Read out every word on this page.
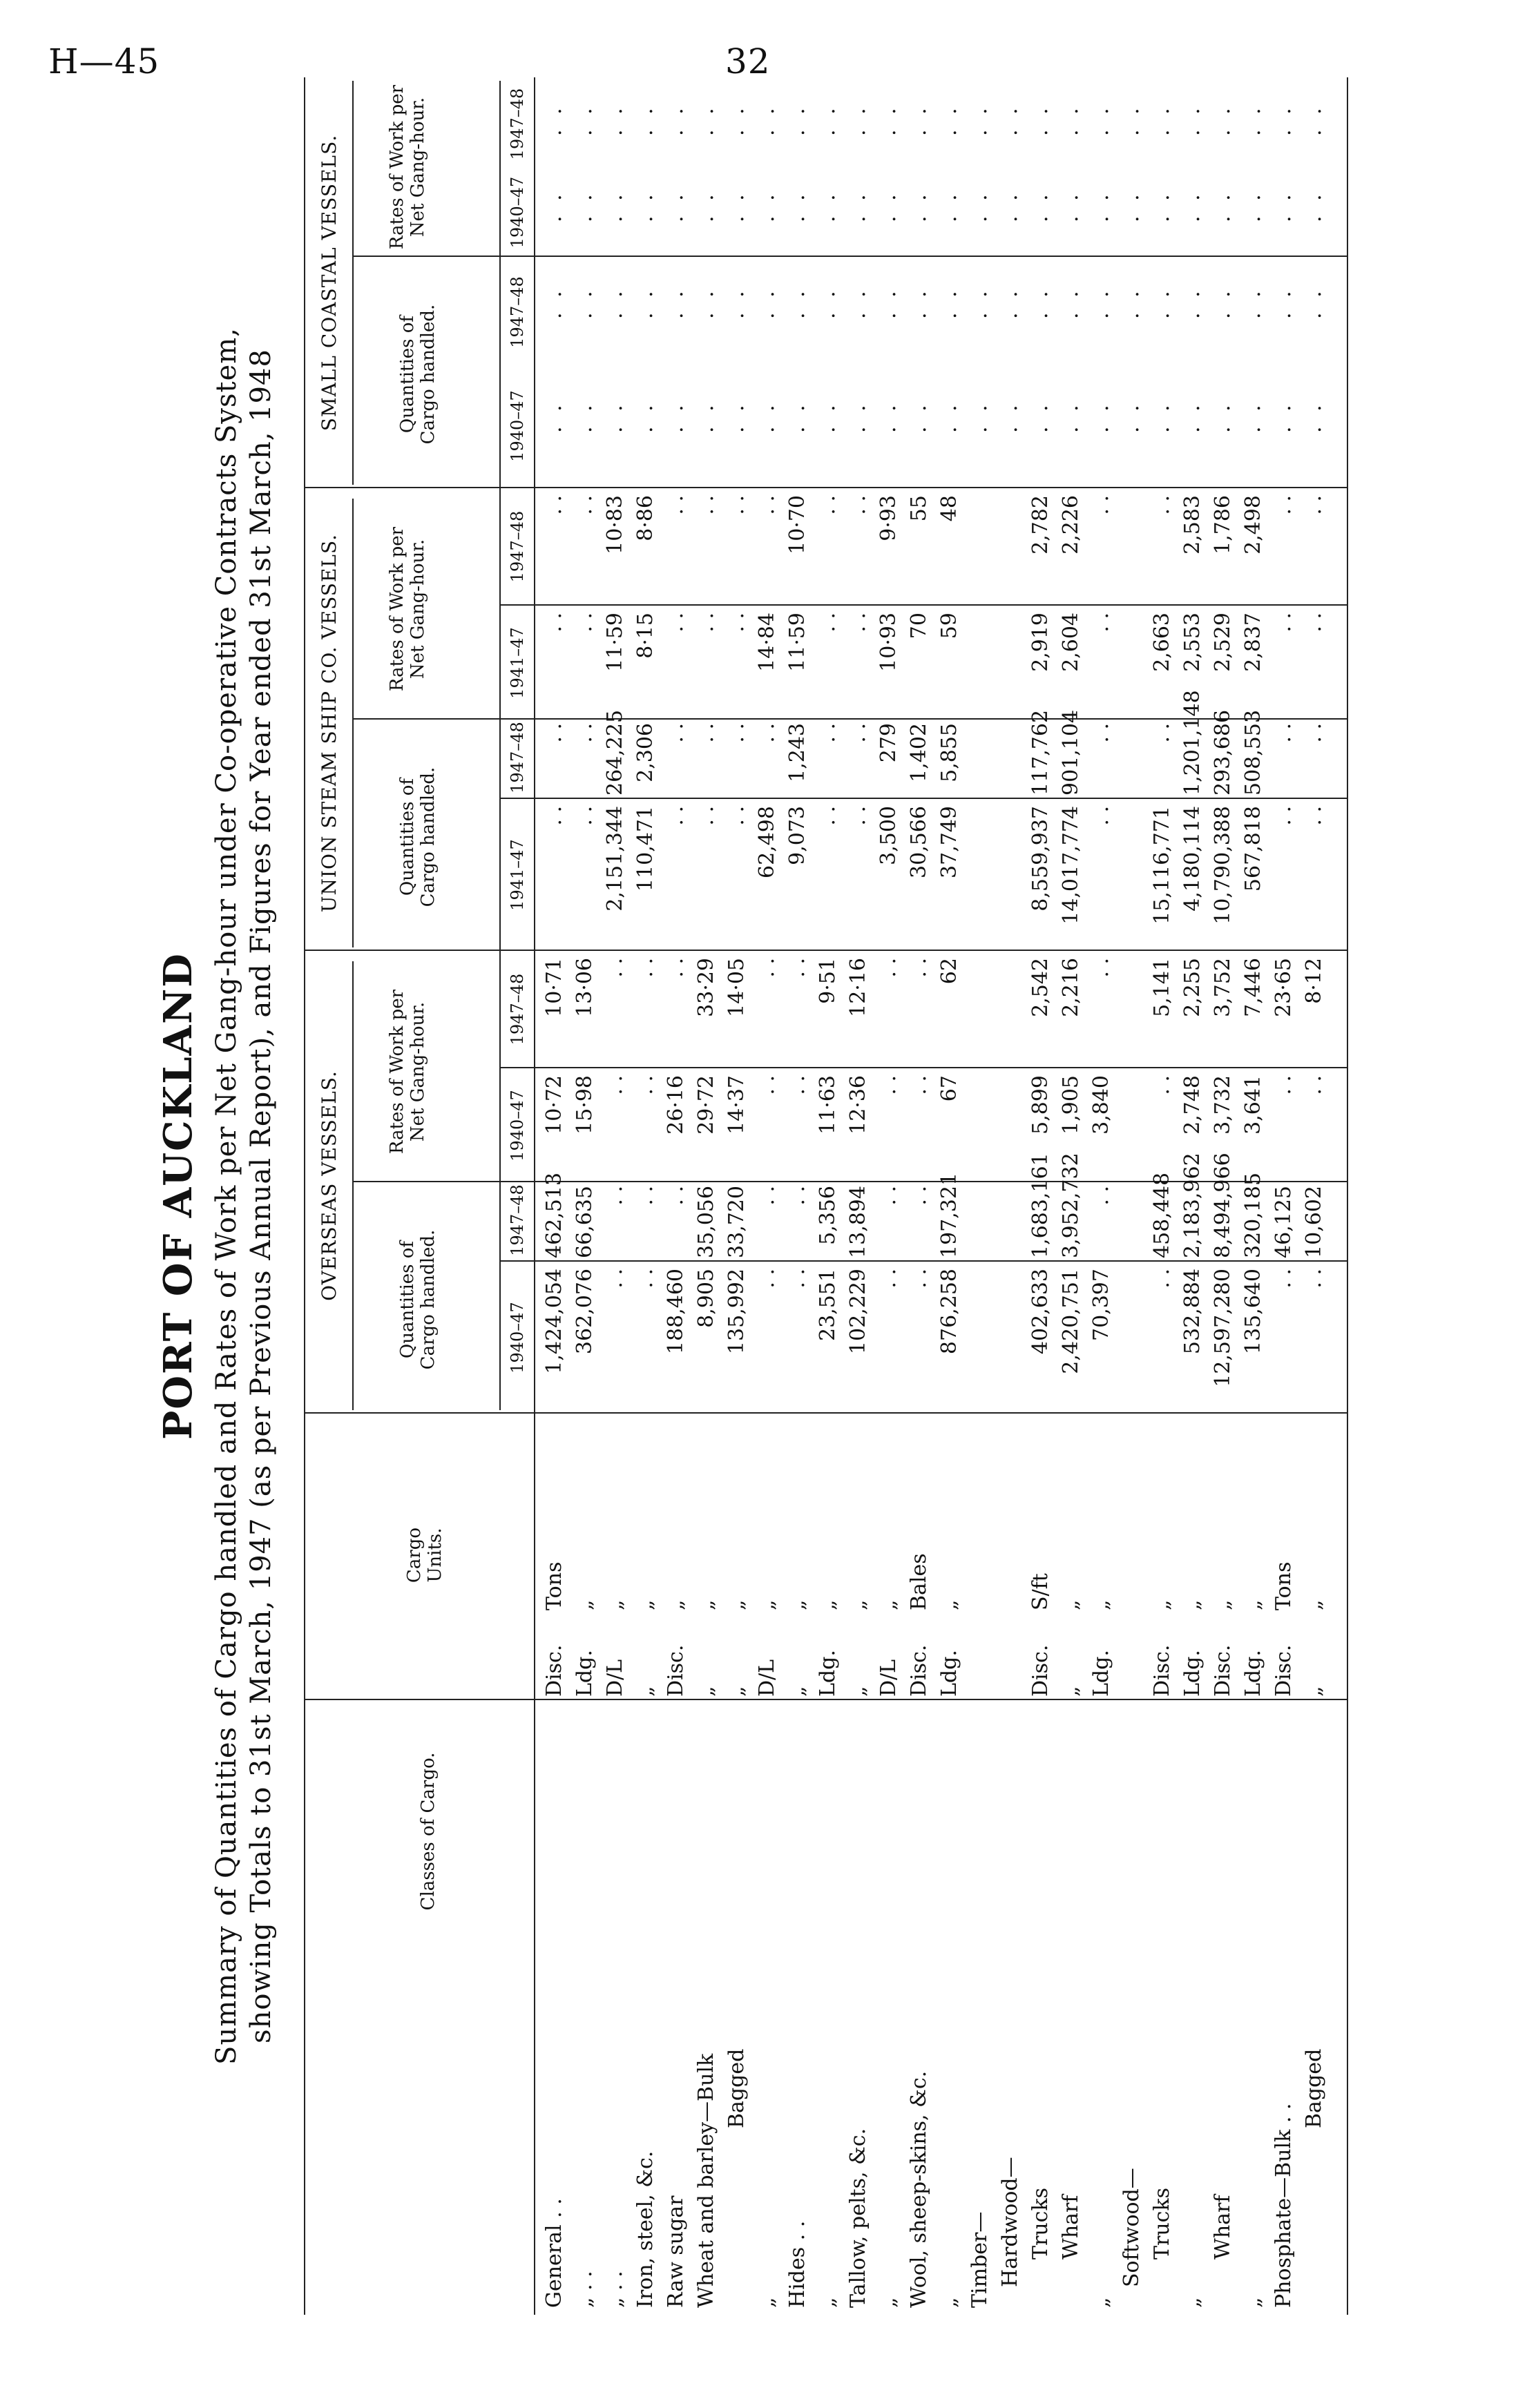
H—45	32
PORT OF AUCKLAND Summary of Quantities of Cargo handled and Rates of Work per Net Gang-hour under Co-operative Contracts System, showing Totals to 31st March, 1947 (as per Previous Annual Report), and Figures for Year ended 31st March, 1948	Classes of Cargo.
Cargo Units.
OVERSEAS VESSELS.
UNION STEAM SHIP CO. VESSELS.
SMALL COASTAL VESSELS.
Quantities of Cargo handled.
Rates of Work per Net Gang-hour.
Quantities of Cargo handled.
Rates of Work per Net Gang-hour.
Quantities of Cargo handled.
Rates of Work per Net Gang-hour.
1940–47
1947–48
1940–47
1947–48
1941–47
1947–48
1941–47
1947–48
1940–47
1947–48
1940–47
1947–48
General . .
Disc.
Tons
1,424,054
462,513
10·72
10·71
. .
. .
. .
. .
. .
. .
. .
. .
„ . .
Ldg.
„
362,076
66,635
15·98
13·06
. .
. .
. .
. .
. .
. .
. .
. .
„ . .
D/L
„
. .
. .
. .
. .
2,151,344
264,225
11·59
10·83
. .
. .
. .
. .
Iron, steel, &c.
„
„
. .
. .
. .
. .
110,471
2,306
8·15
8·86
. .
. .
. .
. .
Raw sugar
Disc.
„
188,460
. .
26·16
. .
. .
. .
. .
. .
. .
. .
. .
. .
Wheat and barley—Bulk
„
„
8,905
35,056
29·72
33·29
. .
. .
. .
. .
. .
. .
. .
. .
Bagged
„
„
135,992
33,720
14·37
14·05
. .
. .
. .
. .
. .
. .
. .
. .
„
D/L
„
. .
. .
. .
. .
62,498
. .
14·84
. .
. .
. .
. .
. .
Hides . .
„
„
. .
. .
. .
. .
9,073
1,243
11·59
10·70
. .
. .
. .
. .
„
Ldg.
„
23,551
5,356
11·63
9·51
. .
. .
. .
. .
. .
. .
. .
. .
Tallow, pelts, &c.
„
„
102,229
13,894
12·36
12·16
. .
. .
. .
. .
. .
. .
. .
. .
„
D/L
„
. .
. .
. .
. .
3,500
279
10·93
9·93
. .
. .
. .
. .
Wool, sheep-skins, &c.
Disc.
Bales
. .
. .
. .
. .
30,566
1,402
70
55
. .
. .
. .
. .
„
Ldg.
„
876,258
197,321
67
62
37,749
5,855
59
48
. .
. .
. .
. .
Timber—
. .
. .
. .
. .
Hardwood—
. .
. .
. .
. .
Trucks
Disc.
S/ft
402,633
1,683,161
5,899
2,542
8,559,937
117,762
2,919
2,782
. .
. .
. .
. .
Wharf
„
„
2,420,751
3,952,732
1,905
2,216
14,017,774
901,104
2,604
2,226
. .
. .
. .
. .
„
Ldg.
„
70,397
. .
3,840
. .
. .
. .
. .
. .
. .
. .
. .
. .
Softwood—
. .
. .
. .
. .
Trucks
Disc.
„
. .
458,448
. .
5,141
15,116,771
. .
2,663
. .
. .
. .
. .
. .
„
Ldg.
„
532,884
2,183,962
2,748
2,255
4,180,114
1,201,148
2,553
2,583
. .
. .
. .
. .
Wharf
Disc.
„
12,597,280
8,494,966
3,732
3,752
10,790,388
293,686
2,529
1,786
. .
. .
. .
. .
„
Ldg.
„
135,640
320,185
3,641
7,446
567,818
508,553
2,837
2,498
. .
. .
. .
. .
Phosphate—Bulk . .
Disc.
Tons
. .
46,125
. .
23·65
. .
. .
. .
. .
. .
. .
. .
. .
Bagged
„
„
. .
10,602
. .
8·12
. .
. .
. .
. .
. .
. .
. .
. .
